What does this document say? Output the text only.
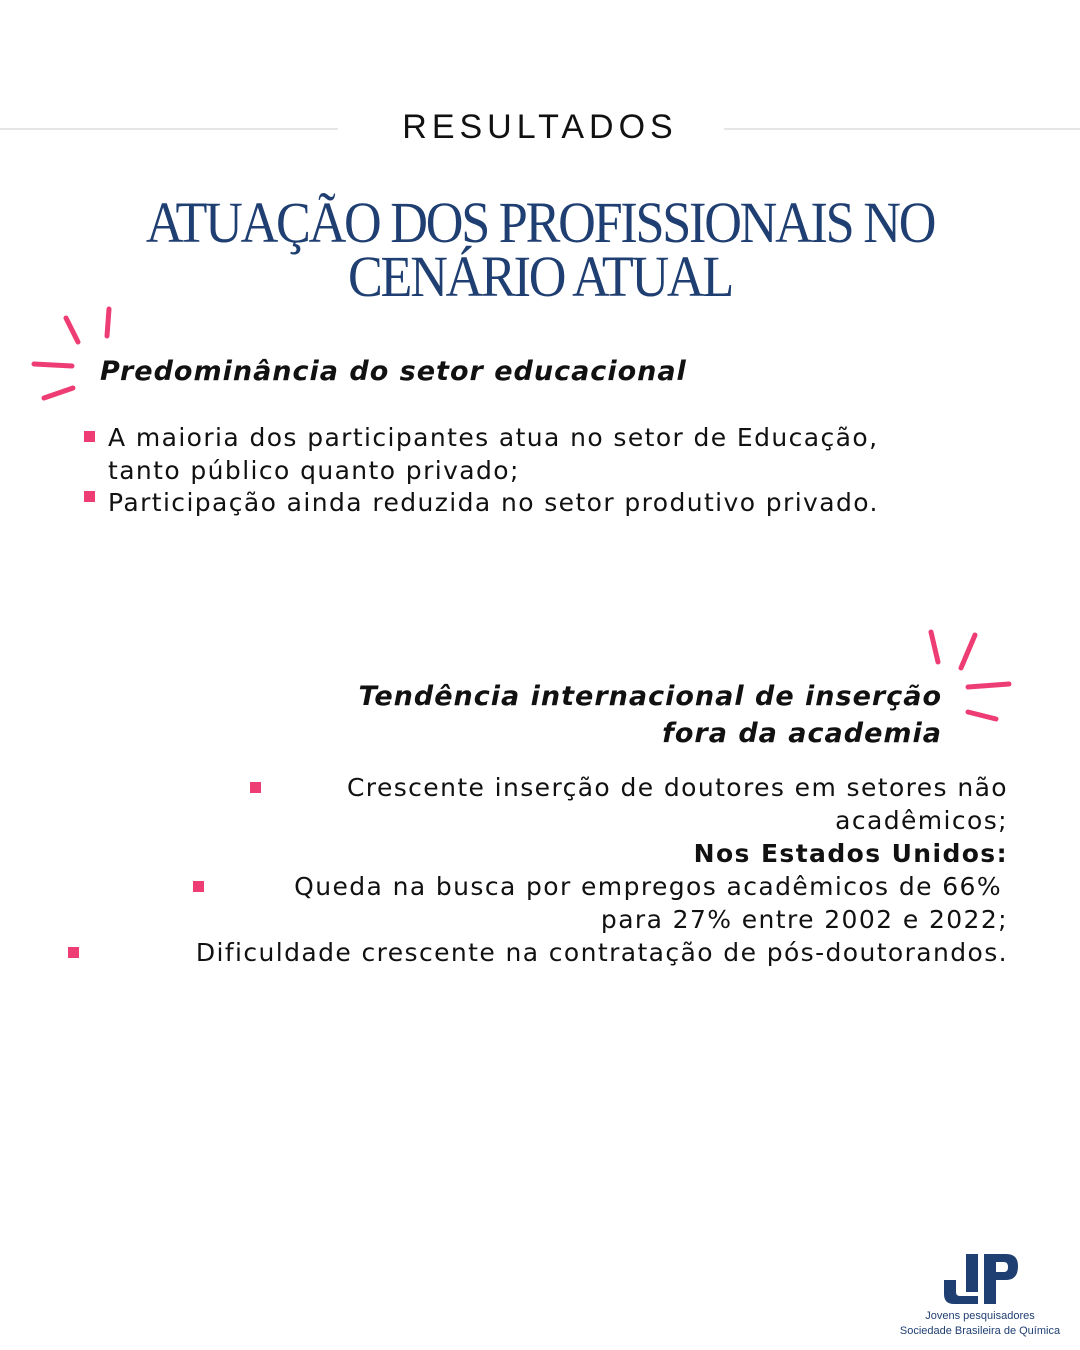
RESULTADOS
ATUAÇÃO DOS PROFISSIONAIS NO
CENÁRIO ATUAL
Predominância do setor educacional
A maioria dos participantes atua no setor de Educação,
tanto público quanto privado;
Participação ainda reduzida no setor produtivo privado.
Tendência internacional de inserção
fora da academia
Crescente inserção de doutores em setores não
acadêmicos;
Nos Estados Unidos:
Queda na busca por empregos acadêmicos de 66%
para 27% entre 2002 e 2022;
Dificuldade crescente na contratação de pós-doutorandos.
Jovens pesquisadores
Sociedade Brasileira de Química
